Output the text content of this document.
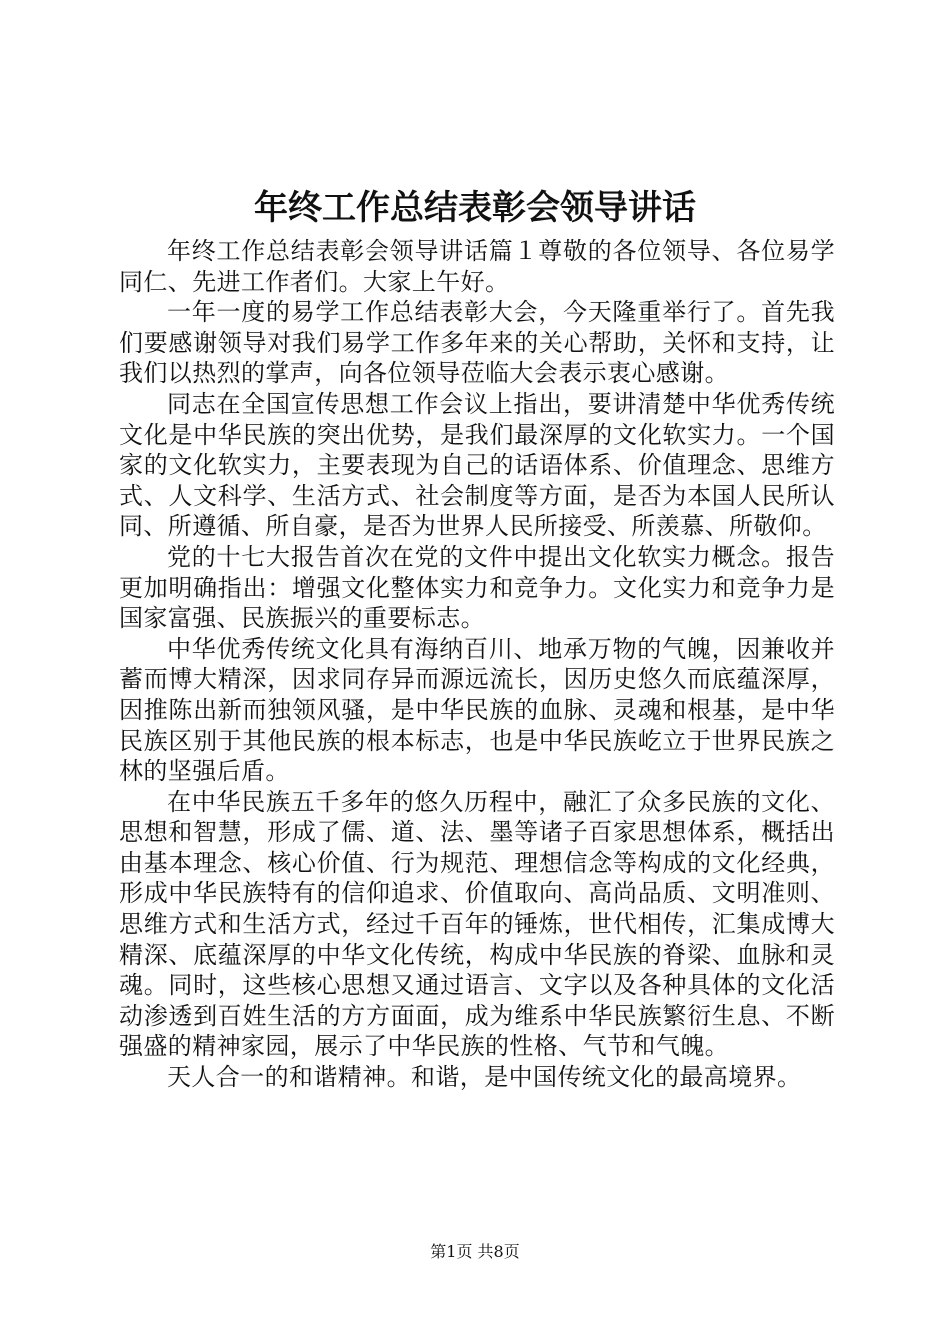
年终工作总结表彰会领导讲话

年终工作总结表彰会领导讲话篇１尊敬的各位领导、各位易学同仁、先进工作者们。大家上午好。

一年一度的易学工作总结表彰大会，今天隆重举行了。首先我们要感谢领导对我们易学工作多年来的关心帮助，关怀和支持，让我们以热烈的掌声，向各位领导莅临大会表示衷心感谢。

同志在全国宣传思想工作会议上指出，要讲清楚中华优秀传统文化是中华民族的突出优势，是我们最深厚的文化软实力。一个国家的文化软实力，主要表现为自己的话语体系、价值理念、思维方式、人文科学、生活方式、社会制度等方面，是否为本国人民所认同、所遵循、所自豪，是否为世界人民所接受、所羡慕、所敬仰。

党的十七大报告首次在党的文件中提出文化软实力概念。报告更加明确指出：增强文化整体实力和竞争力。文化实力和竞争力是国家富强、民族振兴的重要标志。

中华优秀传统文化具有海纳百川、地承万物的气魄，因兼收并蓄而博大精深，因求同存异而源远流长，因历史悠久而底蕴深厚，因推陈出新而独领风骚，是中华民族的血脉、灵魂和根基，是中华民族区别于其他民族的根本标志，也是中华民族屹立于世界民族之林的坚强后盾。

在中华民族五千多年的悠久历程中，融汇了众多民族的文化、思想和智慧，形成了儒、道、法、墨等诸子百家思想体系，概括出由基本理念、核心价值、行为规范、理想信念等构成的文化经典，形成中华民族特有的信仰追求、价值取向、高尚品质、文明准则、思维方式和生活方式，经过千百年的锤炼，世代相传，汇集成博大精深、底蕴深厚的中华文化传统，构成中华民族的脊梁、血脉和灵魂。同时，这些核心思想又通过语言、文字以及各种具体的文化活动渗透到百姓生活的方方面面，成为维系中华民族繁衍生息、不断强盛的精神家园，展示了中华民族的性格、气节和气魄。

天人合一的和谐精神。和谐，是中国传统文化的最高境界。

第1页 共8页
